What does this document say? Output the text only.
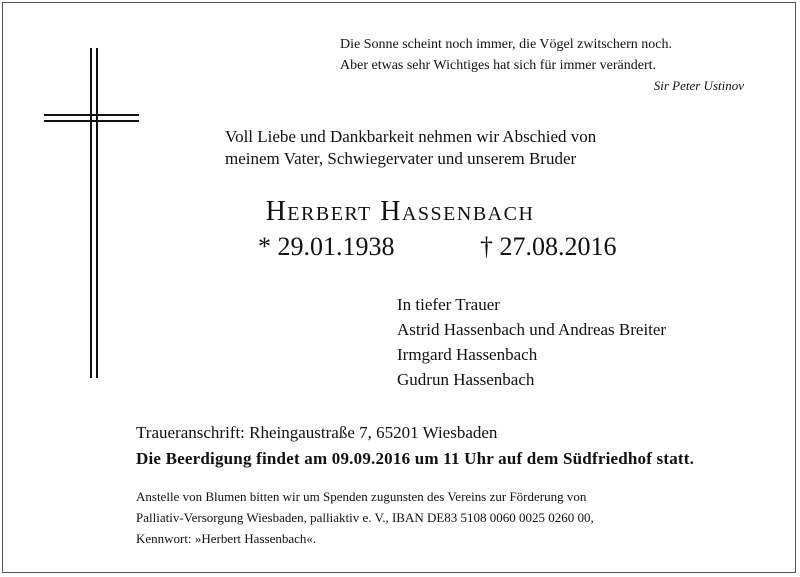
Die Sonne scheint noch immer, die Vögel zwitschern noch.
Aber etwas sehr Wichtiges hat sich für immer verändert.
Sir Peter Ustinov
Voll Liebe und Dankbarkeit nehmen wir Abschied von
meinem Vater, Schwiegervater und unserem Bruder
Herbert Hassenbach
* 29.01.1938	† 27.08.2016
In tiefer Trauer
Astrid Hassenbach und Andreas Breiter
Irmgard Hassenbach
Gudrun Hassenbach
Traueranschrift: Rheingaustraße 7, 65201 Wiesbaden
Die Beerdigung findet am 09.09.2016 um 11 Uhr auf dem Südfriedhof statt.
Anstelle von Blumen bitten wir um Spenden zugunsten des Vereins zur Förderung von
Palliativ-Versorgung Wiesbaden, palliaktiv e. V., IBAN DE83 5108 0060 0025 0260 00,
Kennwort: »Herbert Hassenbach«.
